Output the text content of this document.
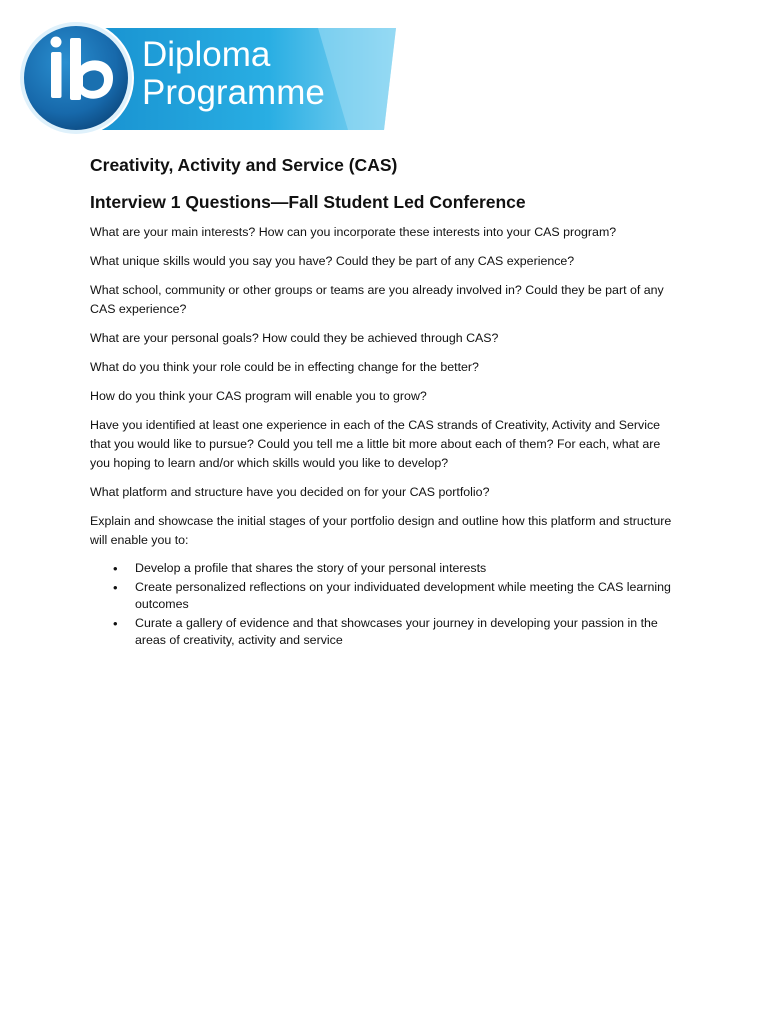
Diploma
Programme
Creativity, Activity and Service (CAS)
Interview 1 Questions—Fall Student Led Conference

What are your main interests? How can you incorporate these interests into your CAS program?

What unique skills would you say you have? Could they be part of any CAS experience?

What school, community or other groups or teams are you already involved in? Could they be part of any CAS experience?

What are your personal goals? How could they be achieved through CAS?

What do you think your role could be in effecting change for the better?

How do you think your CAS program will enable you to grow?

Have you identified at least one experience in each of the CAS strands of Creativity, Activity and Service that you would like to pursue? Could you tell me a little bit more about each of them? For each, what are you hoping to learn and/or which skills would you like to develop?

What platform and structure have you decided on for your CAS portfolio?

Explain and showcase the initial stages of your portfolio design and outline how this platform and structure will enable you to:

• Develop a profile that shares the story of your personal interests
• Create personalized reflections on your individuated development while meeting the CAS learning outcomes
• Curate a gallery of evidence and that showcases your journey in developing your passion in the areas of creativity, activity and service
